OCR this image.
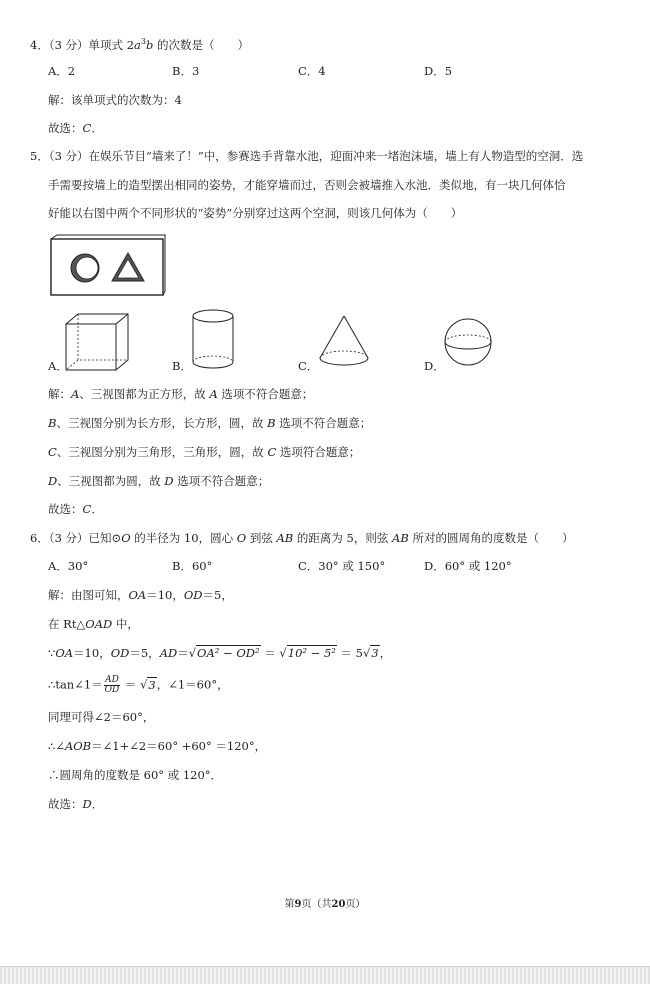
4．（3 分）单项式 $2a^3b$ 的次数是（　　）
A．2	B．3	C．4	D．5
解：该单项式的次数为：4
故选：C．
5．（3 分）在娱乐节目“墙来了！”中，参赛选手背靠水池，迎面冲来一堵泡沫墙，墙上有人物造型的空洞．选
手需要按墙上的造型摆出相同的姿势，才能穿墙而过，否则会被墙推入水池．类似地，有一块几何体恰
好能以右图中两个不同形状的“姿势”分别穿过这两个空洞，则该几何体为（　　）
A．	B．	C．	D．
解：A、三视图都为正方形，故 A 选项不符合题意；
B、三视图分别为长方形，长方形，圆，故 B 选项不符合题意；
C、三视图分别为三角形，三角形，圆，故 C 选项符合题意；
D、三视图都为圆，故 D 选项不符合题意；
故选：C．
6．（3 分）已知⊙O 的半径为 10，圆心 O 到弦 AB 的距离为 5，则弦 AB 所对的圆周角的度数是（　　）
A．30°	B．60°	C．30° 或 150°	D．60° 或 120°
解：由图可知，OA＝10，OD＝5，
在 Rt△OAD 中，
∵OA＝10，OD＝5，AD＝√OA² − OD² ＝ √10² − 5² ＝ 5√3，
∴tan∠1＝ $\frac{AD}{OD} = √3$，∠1＝60°，
同理可得∠2＝60°，
∴∠AOB＝∠1+∠2＝60° +60° ＝120°，
∴圆周角的度数是 60° 或 120°．
故选：D．
第9页（共20页）
